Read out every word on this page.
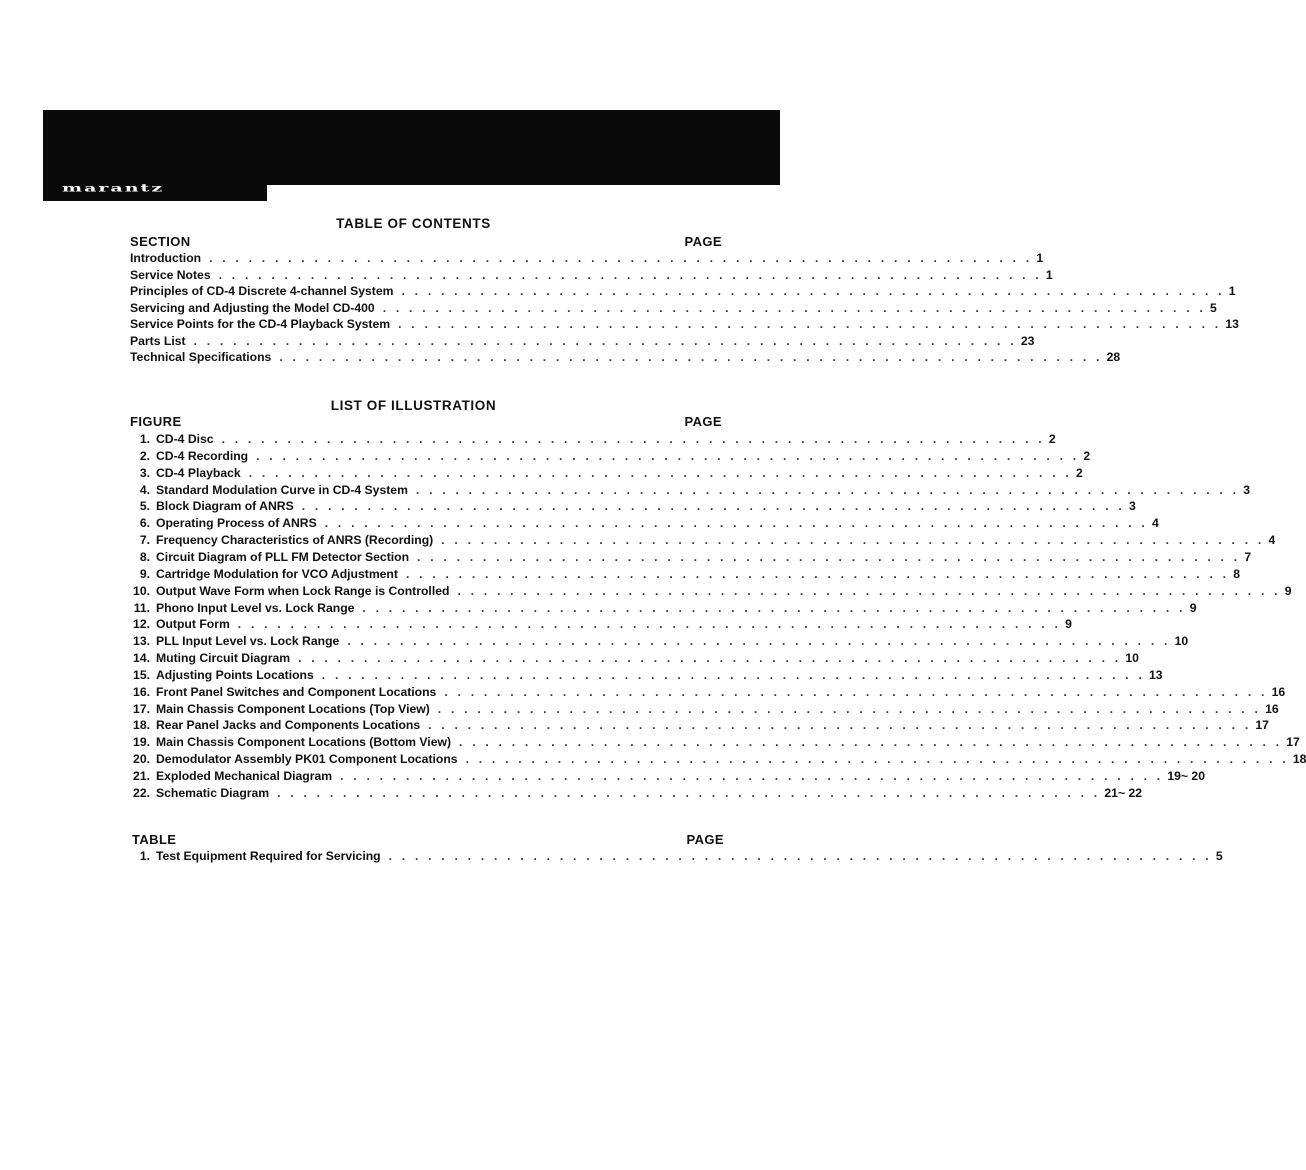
marantz
TABLE OF CONTENTS
SECTION	PAGE
Introduction . . . . . . . . . . . . . . . . . . . . . . . . . . . . . . . . . . . . . . . . . . . . . . . . . . . . . . . . . . . . . . . 1
Service Notes . . . . . . . . . . . . . . . . . . . . . . . . . . . . . . . . . . . . . . . . . . . . . . . . . . . . . . . . . . . . . . . 1
Principles of CD-4 Discrete 4-channel System . . . . . . . . . . . . . . . . . . . . . . . . . . . . . . . . . . . . . . . . . . . . . . . . . . . . . . . . . . . . . . . 1
Servicing and Adjusting the Model CD-400 . . . . . . . . . . . . . . . . . . . . . . . . . . . . . . . . . . . . . . . . . . . . . . . . . . . . . . . . . . . . . . . 5
Service Points for the CD-4 Playback System . . . . . . . . . . . . . . . . . . . . . . . . . . . . . . . . . . . . . . . . . . . . . . . . . . . . . . . . . . . . . . . 13
Parts List . . . . . . . . . . . . . . . . . . . . . . . . . . . . . . . . . . . . . . . . . . . . . . . . . . . . . . . . . . . . . . . 23
Technical Specifications . . . . . . . . . . . . . . . . . . . . . . . . . . . . . . . . . . . . . . . . . . . . . . . . . . . . . . . . . . . . . . . 28
LIST OF ILLUSTRATION
FIGURE	PAGE
1. CD-4 Disc . . . . . . . . . . . . . . . . . . . . . . . . . . . . . . . . . . . . . . . . . . . . . . . . . . . . . . . . . . . . . . . 2
2. CD-4 Recording . . . . . . . . . . . . . . . . . . . . . . . . . . . . . . . . . . . . . . . . . . . . . . . . . . . . . . . . . . . . . . . 2
3. CD-4 Playback . . . . . . . . . . . . . . . . . . . . . . . . . . . . . . . . . . . . . . . . . . . . . . . . . . . . . . . . . . . . . . . 2
4. Standard Modulation Curve in CD-4 System . . . . . . . . . . . . . . . . . . . . . . . . . . . . . . . . . . . . . . . . . . . . . . . . . . . . . . . . . . . . . . . 3
5. Block Diagram of ANRS . . . . . . . . . . . . . . . . . . . . . . . . . . . . . . . . . . . . . . . . . . . . . . . . . . . . . . . . . . . . . . . 3
6. Operating Process of ANRS . . . . . . . . . . . . . . . . . . . . . . . . . . . . . . . . . . . . . . . . . . . . . . . . . . . . . . . . . . . . . . . 4
7. Frequency Characteristics of ANRS (Recording) . . . . . . . . . . . . . . . . . . . . . . . . . . . . . . . . . . . . . . . . . . . . . . . . . . . . . . . . . . . . . . . 4
8. Circuit Diagram of PLL FM Detector Section . . . . . . . . . . . . . . . . . . . . . . . . . . . . . . . . . . . . . . . . . . . . . . . . . . . . . . . . . . . . . . . 7
9. Cartridge Modulation for VCO Adjustment . . . . . . . . . . . . . . . . . . . . . . . . . . . . . . . . . . . . . . . . . . . . . . . . . . . . . . . . . . . . . . . 8
10. Output Wave Form when Lock Range is Controlled . . . . . . . . . . . . . . . . . . . . . . . . . . . . . . . . . . . . . . . . . . . . . . . . . . . . . . . . . . . . . . . 9
11. Phono Input Level vs. Lock Range . . . . . . . . . . . . . . . . . . . . . . . . . . . . . . . . . . . . . . . . . . . . . . . . . . . . . . . . . . . . . . . 9
12. Output Form . . . . . . . . . . . . . . . . . . . . . . . . . . . . . . . . . . . . . . . . . . . . . . . . . . . . . . . . . . . . . . . 9
13. PLL Input Level vs. Lock Range . . . . . . . . . . . . . . . . . . . . . . . . . . . . . . . . . . . . . . . . . . . . . . . . . . . . . . . . . . . . . . . 10
14. Muting Circuit Diagram . . . . . . . . . . . . . . . . . . . . . . . . . . . . . . . . . . . . . . . . . . . . . . . . . . . . . . . . . . . . . . . 10
15. Adjusting Points Locations . . . . . . . . . . . . . . . . . . . . . . . . . . . . . . . . . . . . . . . . . . . . . . . . . . . . . . . . . . . . . . . 13
16. Front Panel Switches and Component Locations . . . . . . . . . . . . . . . . . . . . . . . . . . . . . . . . . . . . . . . . . . . . . . . . . . . . . . . . . . . . . . . 16
17. Main Chassis Component Locations (Top View) . . . . . . . . . . . . . . . . . . . . . . . . . . . . . . . . . . . . . . . . . . . . . . . . . . . . . . . . . . . . . . . 16
18. Rear Panel Jacks and Components Locations . . . . . . . . . . . . . . . . . . . . . . . . . . . . . . . . . . . . . . . . . . . . . . . . . . . . . . . . . . . . . . . 17
19. Main Chassis Component Locations (Bottom View) . . . . . . . . . . . . . . . . . . . . . . . . . . . . . . . . . . . . . . . . . . . . . . . . . . . . . . . . . . . . . . . 17
20. Demodulator Assembly PK01 Component Locations . . . . . . . . . . . . . . . . . . . . . . . . . . . . . . . . . . . . . . . . . . . . . . . . . . . . . . . . . . . . . . . 18
21. Exploded Mechanical Diagram . . . . . . . . . . . . . . . . . . . . . . . . . . . . . . . . . . . . . . . . . . . . . . . . . . . . . . . . . . . . . . . 19~ 20
22. Schematic Diagram . . . . . . . . . . . . . . . . . . . . . . . . . . . . . . . . . . . . . . . . . . . . . . . . . . . . . . . . . . . . . . . 21~ 22
TABLE	PAGE
1. Test Equipment Required for Servicing . . . . . . . . . . . . . . . . . . . . . . . . . . . . . . . . . . . . . . . . . . . . . . . . . . . . . . . . . . . . . . . 5
